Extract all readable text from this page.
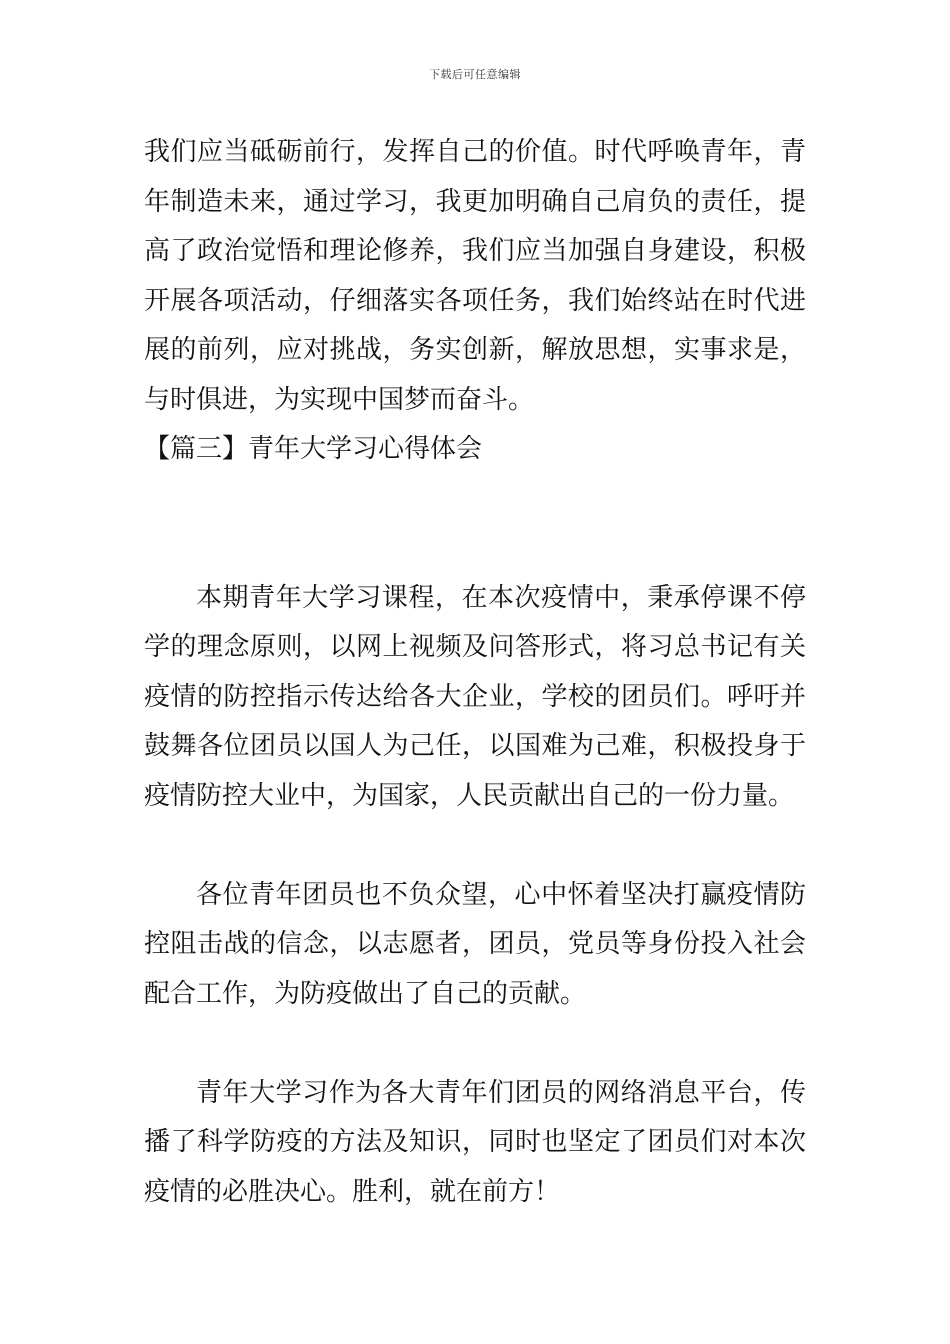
下载后可任意编辑

我们应当砥砺前行，发挥自己的价值。时代呼唤青年，青年制造未来，通过学习，我更加明确自己肩负的责任，提高了政治觉悟和理论修养，我们应当加强自身建设，积极开展各项活动，仔细落实各项任务，我们始终站在时代进展的前列，应对挑战，务实创新，解放思想，实事求是，与时俱进，为实现中国梦而奋斗。

【篇三】青年大学习心得体会

本期青年大学习课程，在本次疫情中，秉承停课不停学的理念原则，以网上视频及问答形式，将习总书记有关疫情的防控指示传达给各大企业，学校的团员们。呼吁并鼓舞各位团员以国人为己任，以国难为己难，积极投身于疫情防控大业中，为国家，人民贡献出自己的一份力量。

各位青年团员也不负众望，心中怀着坚决打赢疫情防控阻击战的信念，以志愿者，团员，党员等身份投入社会配合工作，为防疫做出了自己的贡献。

青年大学习作为各大青年们团员的网络消息平台，传播了科学防疫的方法及知识，同时也坚定了团员们对本次疫情的必胜决心。胜利，就在前方！
